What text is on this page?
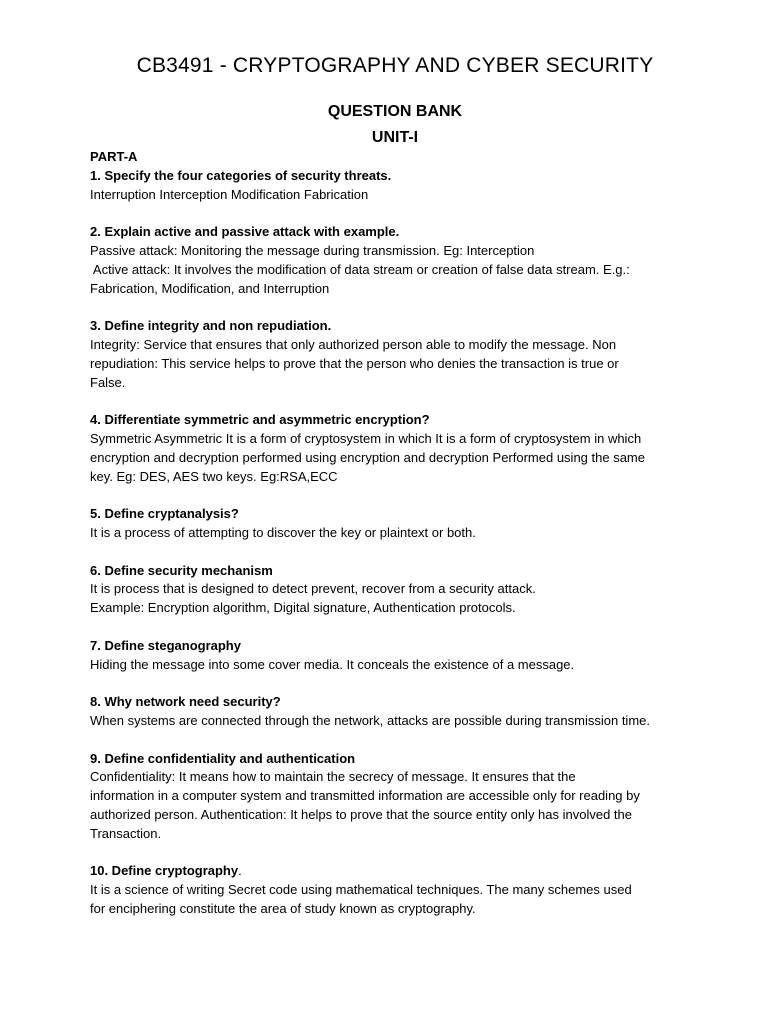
CB3491 - CRYPTOGRAPHY AND CYBER SECURITY
QUESTION BANK
UNIT-I
PART-A
1. Specify the four categories of security threats.
Interruption Interception Modification Fabrication
2. Explain active and passive attack with example.
Passive attack: Monitoring the message during transmission. Eg: Interception
Active attack: It involves the modification of data stream or creation of false data stream. E.g.:
Fabrication, Modification, and Interruption
3. Define integrity and non repudiation.
Integrity: Service that ensures that only authorized person able to modify the message. Non
repudiation: This service helps to prove that the person who denies the transaction is true or
False.
4. Differentiate symmetric and asymmetric encryption?
Symmetric Asymmetric It is a form of cryptosystem in which It is a form of cryptosystem in which
encryption and decryption performed using encryption and decryption Performed using the same
key. Eg: DES, AES two keys. Eg:RSA,ECC
5. Define cryptanalysis?
It is a process of attempting to discover the key or plaintext or both.
6. Define security mechanism
It is process that is designed to detect prevent, recover from a security attack.
Example: Encryption algorithm, Digital signature, Authentication protocols.
7. Define steganography
Hiding the message into some cover media. It conceals the existence of a message.
8. Why network need security?
When systems are connected through the network, attacks are possible during transmission time.
9. Define confidentiality and authentication
Confidentiality: It means how to maintain the secrecy of message. It ensures that the
information in a computer system and transmitted information are accessible only for reading by
authorized person. Authentication: It helps to prove that the source entity only has involved the
Transaction.
10. Define cryptography.
It is a science of writing Secret code using mathematical techniques. The many schemes used
for enciphering constitute the area of study known as cryptography.
